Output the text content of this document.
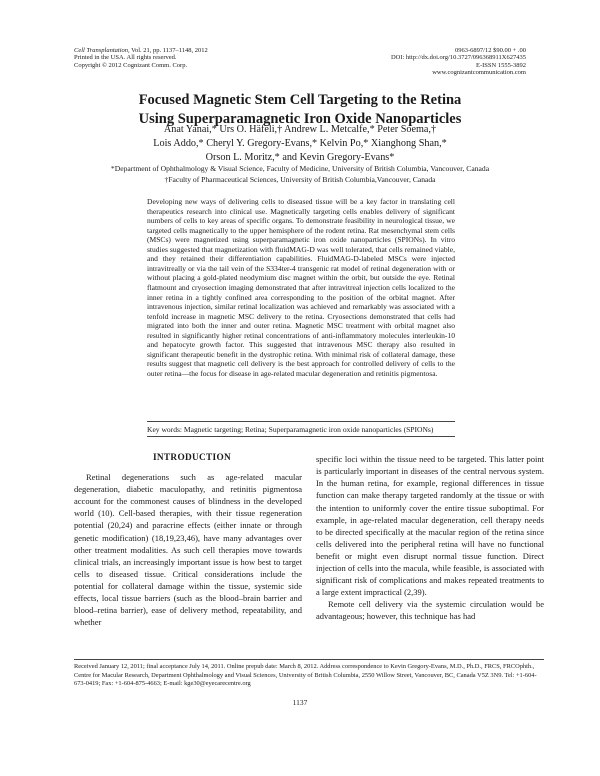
Cell Transplantation, Vol. 21, pp. 1137–1148, 2012
Printed in the USA. All rights reserved.
Copyright © 2012 Cognizant Comm. Corp.
0963-6897/12 $90.00 + .00
DOI: http://dx.doi.org/10.3727/096368911X627435
E-ISSN 1555-3892
www.cognizantcommunication.com
Focused Magnetic Stem Cell Targeting to the Retina
Using Superparamagnetic Iron Oxide Nanoparticles
Anat Yanai,* Urs O. Häfeli,† Andrew L. Metcalfe,* Peter Soema,†
Lois Addo,* Cheryl Y. Gregory-Evans,* Kelvin Po,* Xianghong Shan,*
Orson L. Moritz,* and Kevin Gregory-Evans*
*Department of Ophthalmology & Visual Science, Faculty of Medicine, University of British Columbia, Vancouver, Canada
†Faculty of Pharmaceutical Sciences, University of British Columbia,Vancouver, Canada
Developing new ways of delivering cells to diseased tissue will be a key factor in translating cell therapeutics research into clinical use. Magnetically targeting cells enables delivery of significant numbers of cells to key areas of specific organs. To demonstrate feasibility in neurological tissue, we targeted cells magnetically to the upper hemisphere of the rodent retina. Rat mesenchymal stem cells (MSCs) were magnetized using superparamagnetic iron oxide nanoparticles (SPIONs). In vitro studies suggested that magnetization with fluidMAG-D was well tolerated, that cells remained viable, and they retained their differentiation capabilities. FluidMAG-D-labeled MSCs were injected intravitreally or via the tail vein of the S334ter-4 transgenic rat model of retinal degeneration with or without placing a gold-plated neodymium disc magnet within the orbit, but outside the eye. Retinal flatmount and cryosection imaging demonstrated that after intravitreal injection cells localized to the inner retina in a tightly confined area corresponding to the position of the orbital magnet. After intravenous injection, similar retinal localization was achieved and remarkably was associated with a tenfold increase in magnetic MSC delivery to the retina. Cryosections demonstrated that cells had migrated into both the inner and outer retina. Magnetic MSC treatment with orbital magnet also resulted in significantly higher retinal concentrations of anti-inflammatory molecules interleukin-10 and hepatocyte growth factor. This suggested that intravenous MSC therapy also resulted in significant therapeutic benefit in the dystrophic retina. With minimal risk of collateral damage, these results suggest that magnetic cell delivery is the best approach for controlled delivery of cells to the outer retina—the focus for disease in age-related macular degeneration and retinitis pigmentosa.
Key words: Magnetic targeting; Retina; Superparamagnetic iron oxide nanoparticles (SPIONs)
INTRODUCTION

Retinal degenerations such as age-related macular degeneration, diabetic maculopathy, and retinitis pigmentosa account for the commonest causes of blindness in the developed world (10). Cell-based therapies, with their tissue regeneration potential (20,24) and paracrine effects (either innate or through genetic modification) (18,19,23,46), have many advantages over other treatment modalities. As such cell therapies move towards clinical trials, an increasingly important issue is how best to target cells to diseased tissue. Critical considerations include the potential for collateral damage within the tissue, systemic side effects, local tissue barriers (such as the blood–brain barrier and blood–retina barrier), ease of delivery method, repeatability, and whether

specific loci within the tissue need to be targeted. This latter point is particularly important in diseases of the central nervous system. In the human retina, for example, regional differences in tissue function can make therapy targeted randomly at the tissue or with the intention to uniformly cover the entire tissue suboptimal. For example, in age-related macular degeneration, cell therapy needs to be directed specifically at the macular region of the retina since cells delivered into the peripheral retina will have no functional benefit or might even disrupt normal tissue function. Direct injection of cells into the macula, while feasible, is associated with significant risk of complications and makes repeated treatments to a large extent impractical (2,39).

Remote cell delivery via the systemic circulation would be advantageous; however, this technique has had

Received January 12, 2011; final acceptance July 14, 2011. Online prepub date: March 8, 2012. Address correspondence to Kevin Gregory-Evans, M.D., Ph.D., FRCS, FRCOphth., Centre for Macular Research, Department Ophthalmology and Visual Sciences, University of British Columbia, 2550 Willow Street, Vancouver, BC, Canada V5Z 3N9. Tel: +1-604-673-0419; Fax: +1-604-875-4663; E-mail: kge30@eyecarecentre.org
1137
